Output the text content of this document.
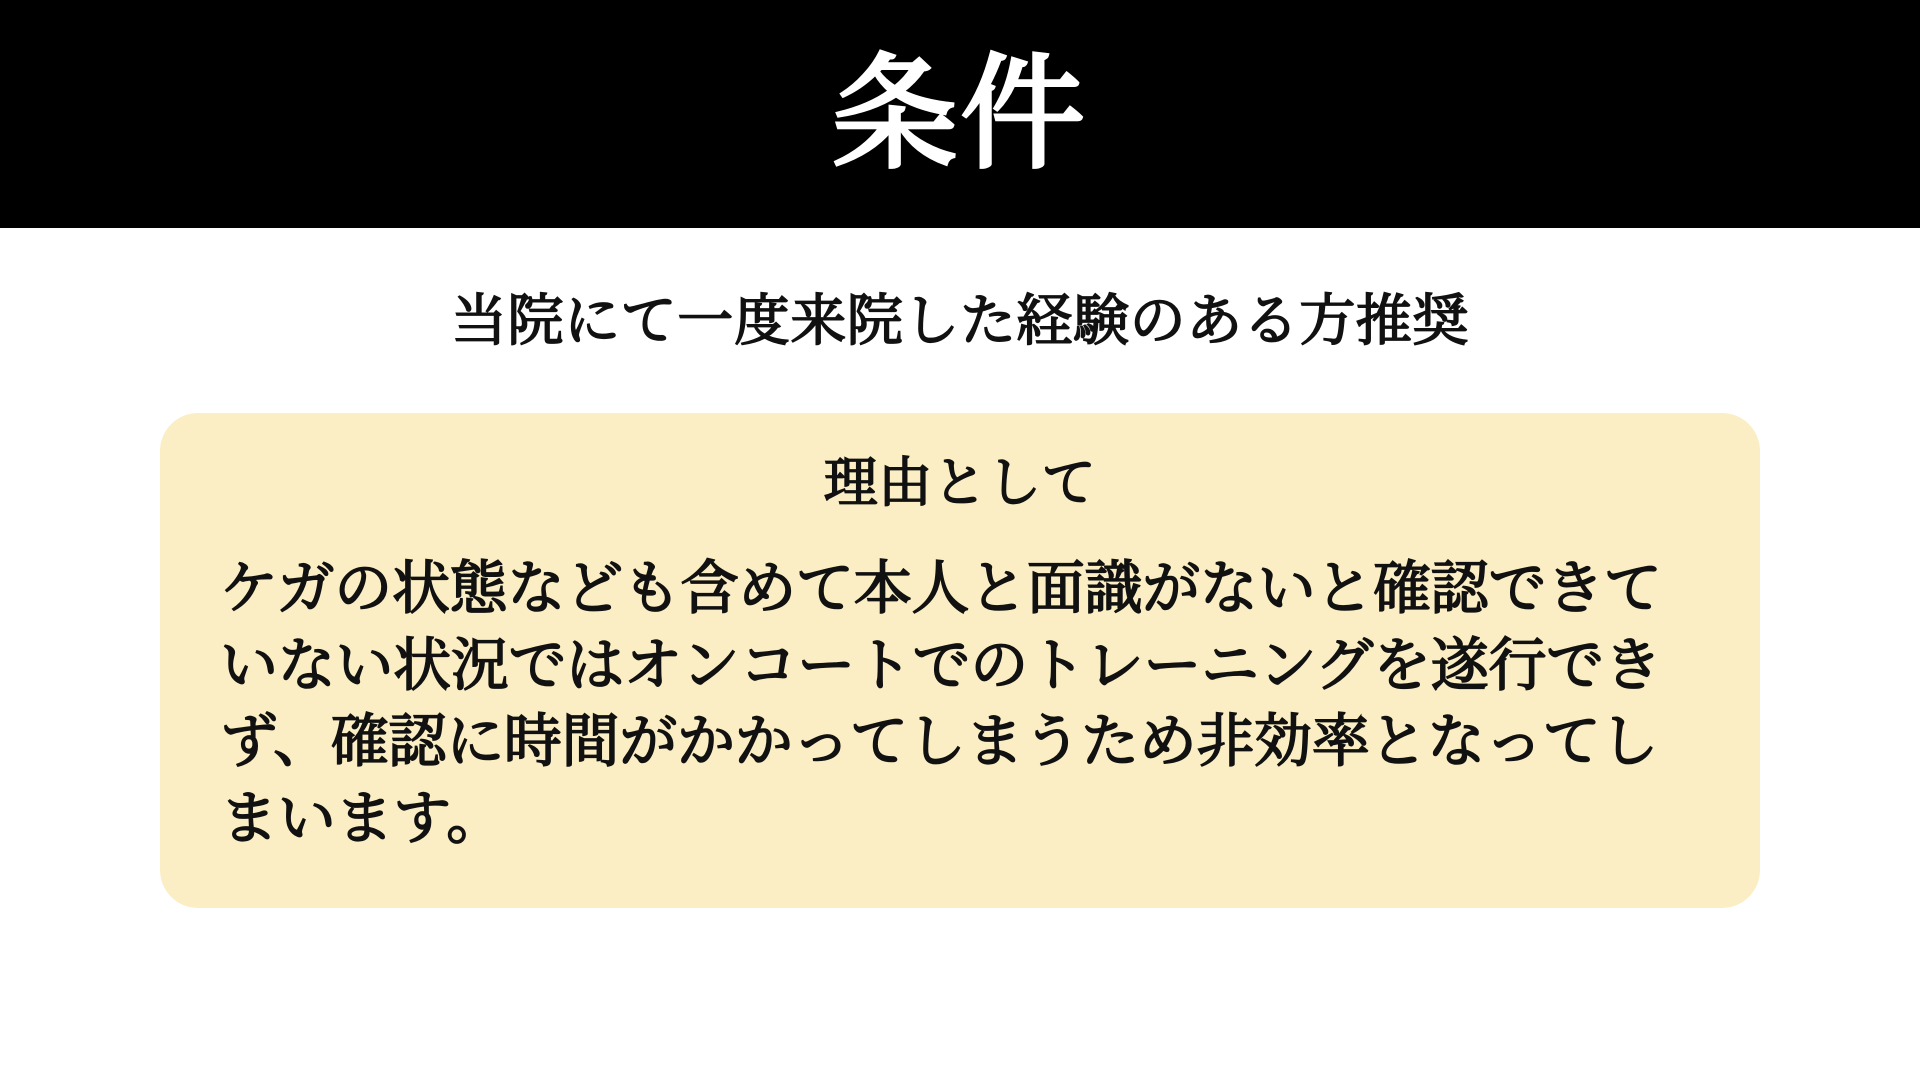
条件
当院にて一度来院した経験のある方推奨
理由として
ケガの状態なども含めて本人と面識がないと確認できていない状況ではオンコートでのトレーニングを遂行できず、確認に時間がかかってしまうため非効率となってしまいます。
